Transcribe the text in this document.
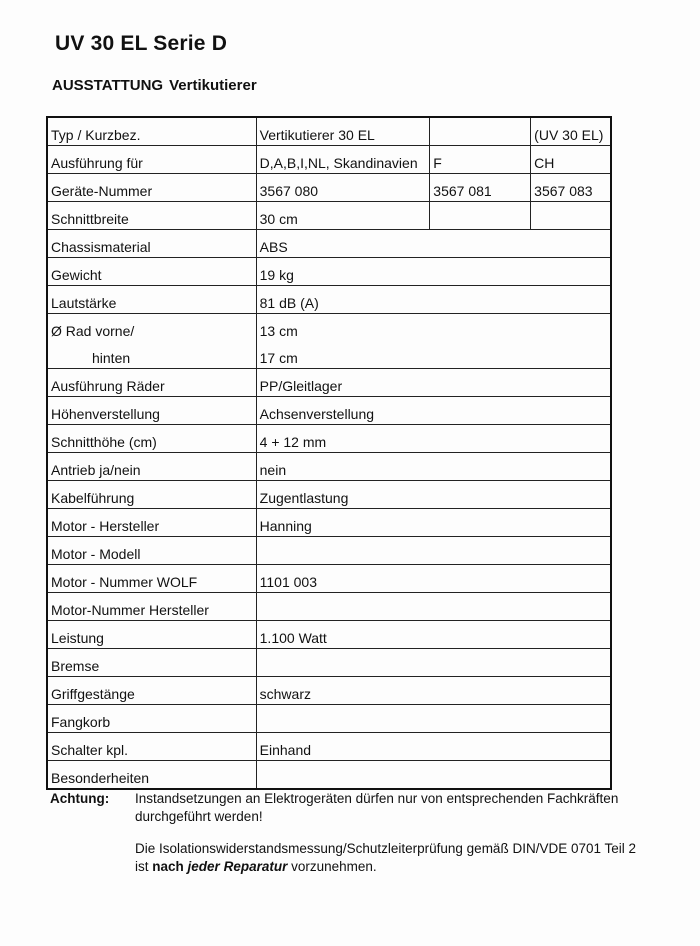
UV 30 EL Serie D
AUSSTATTUNG Vertikutierer
Typ / Kurzbez.	Vertikutierer 30 EL		(UV 30 EL)
Ausführung für	D,A,B,I,NL, Skandinavien	F	CH
Geräte-Nummer	3567 080	3567 081	3567 083
Schnittbreite	30 cm		
Chassismaterial	ABS		
Gewicht	19 kg		
Lautstärke	81 dB (A)		
Ø Rad vorne/	13 cm		
hinten	17 cm		
Ausführung Räder	PP/Gleitlager		
Höhenverstellung	Achsenverstellung		
Schnitthöhe (cm)	4 + 12 mm		
Antrieb ja/nein	nein		
Kabelführung	Zugentlastung		
Motor - Hersteller	Hanning		
Motor - Modell			
Motor - Nummer WOLF	1101 003		
Motor-Nummer Hersteller			
Leistung	1.100 Watt		
Bremse			
Griffgestänge	schwarz		
Fangkorb			
Schalter kpl.	Einhand		
Besonderheiten			
Achtung: Instandsetzungen an Elektrogeräten dürfen nur von entsprechenden Fachkräften durchgeführt werden!

Die Isolationswiderstandsmessung/Schutzleiterprüfung gemäß DIN/VDE 0701 Teil 2 ist nach jeder Reparatur vorzunehmen.
